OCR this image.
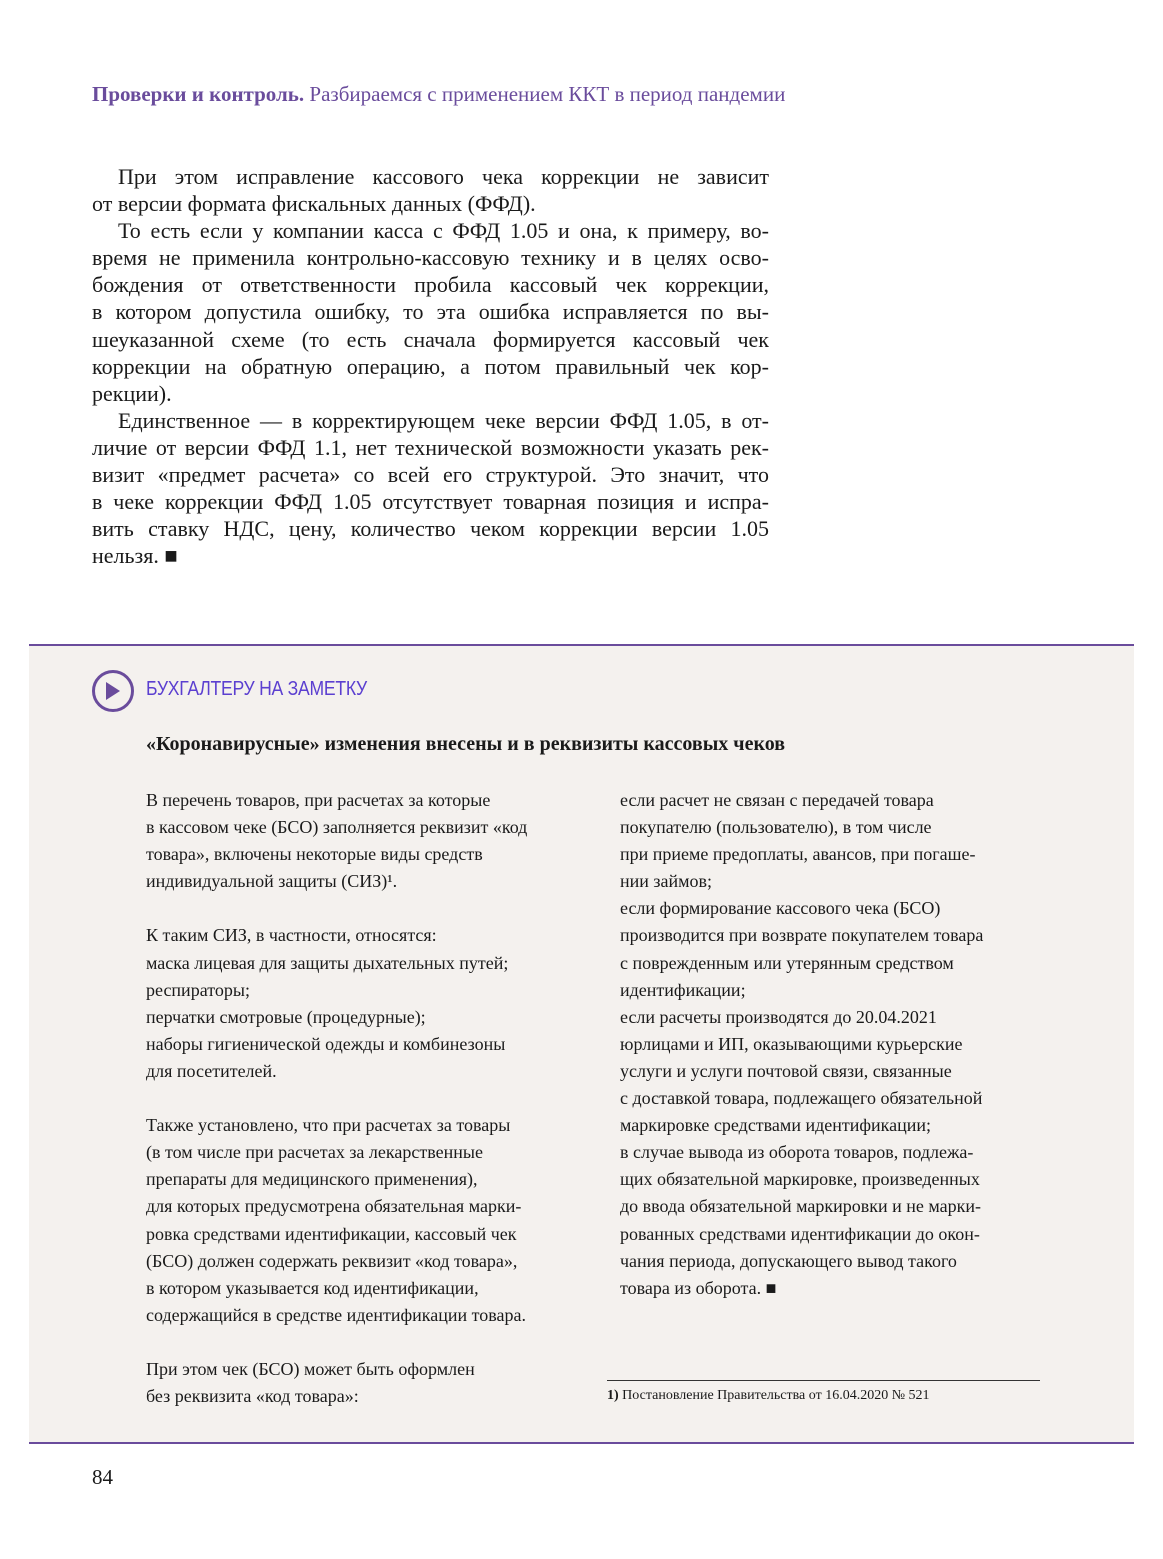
Проверки и контроль. Разбираемся с применением ККТ в период пандемии
При этом исправление кассового чека коррекции не зависит
от версии формата фискальных данных (ФФД).
То есть если у компании касса с ФФД 1.05 и она, к примеру, во-
время не применила контрольно-кассовую технику и в целях осво-
бождения от ответственности пробила кассовый чек коррекции,
в котором допустила ошибку, то эта ошибка исправляется по вы-
шеуказанной схеме (то есть сначала формируется кассовый чек
коррекции на обратную операцию, а потом правильный чек кор-
рекции).
Единственное — в корректирующем чеке версии ФФД 1.05, в от-
личие от версии ФФД 1.1, нет технической возможности указать рек-
визит «предмет расчета» со всей его структурой. Это значит, что
в чеке коррекции ФФД 1.05 отсутствует товарная позиция и испра-
вить ставку НДС, цену, количество чеком коррекции версии 1.05
нельзя. ■
БУХГАЛТЕРУ НА ЗАМЕТКУ
«Коронавирусные» изменения внесены и в реквизиты кассовых чеков
В перечень товаров, при расчетах за которые
в кассовом чеке (БСО) заполняется реквизит «код
товара», включены некоторые виды средств
индивидуальной защиты (СИЗ)¹.
К таким СИЗ, в частности, относятся:
• маска лицевая для защиты дыхательных путей;
• респираторы;
• перчатки смотровые (процедурные);
• наборы гигиенической одежды и комбинезоны
для посетителей.
Также установлено, что при расчетах за товары
(в том числе при расчетах за лекарственные
препараты для медицинского применения),
для которых предусмотрена обязательная марки-
ровка средствами идентификации, кассовый чек
(БСО) должен содержать реквизит «код товара»,
в котором указывается код идентификации,
содержащийся в средстве идентификации товара.
При этом чек (БСО) может быть оформлен
без реквизита «код товара»:
• если расчет не связан с передачей товара
покупателю (пользователю), в том числе
при приеме предоплаты, авансов, при погаше-
нии займов;
• если формирование кассового чека (БСО)
производится при возврате покупателем товара
с поврежденным или утерянным средством
идентификации;
• если расчеты производятся до 20.04.2021
юрлицами и ИП, оказывающими курьерские
услуги и услуги почтовой связи, связанные
с доставкой товара, подлежащего обязательной
маркировке средствами идентификации;
• в случае вывода из оборота товаров, подлежа-
щих обязательной маркировке, произведенных
до ввода обязательной маркировки и не марки-
рованных средствами идентификации до окон-
чания периода, допускающего вывод такого
товара из оборота. ■
1) Постановление Правительства от 16.04.2020 № 521
84
